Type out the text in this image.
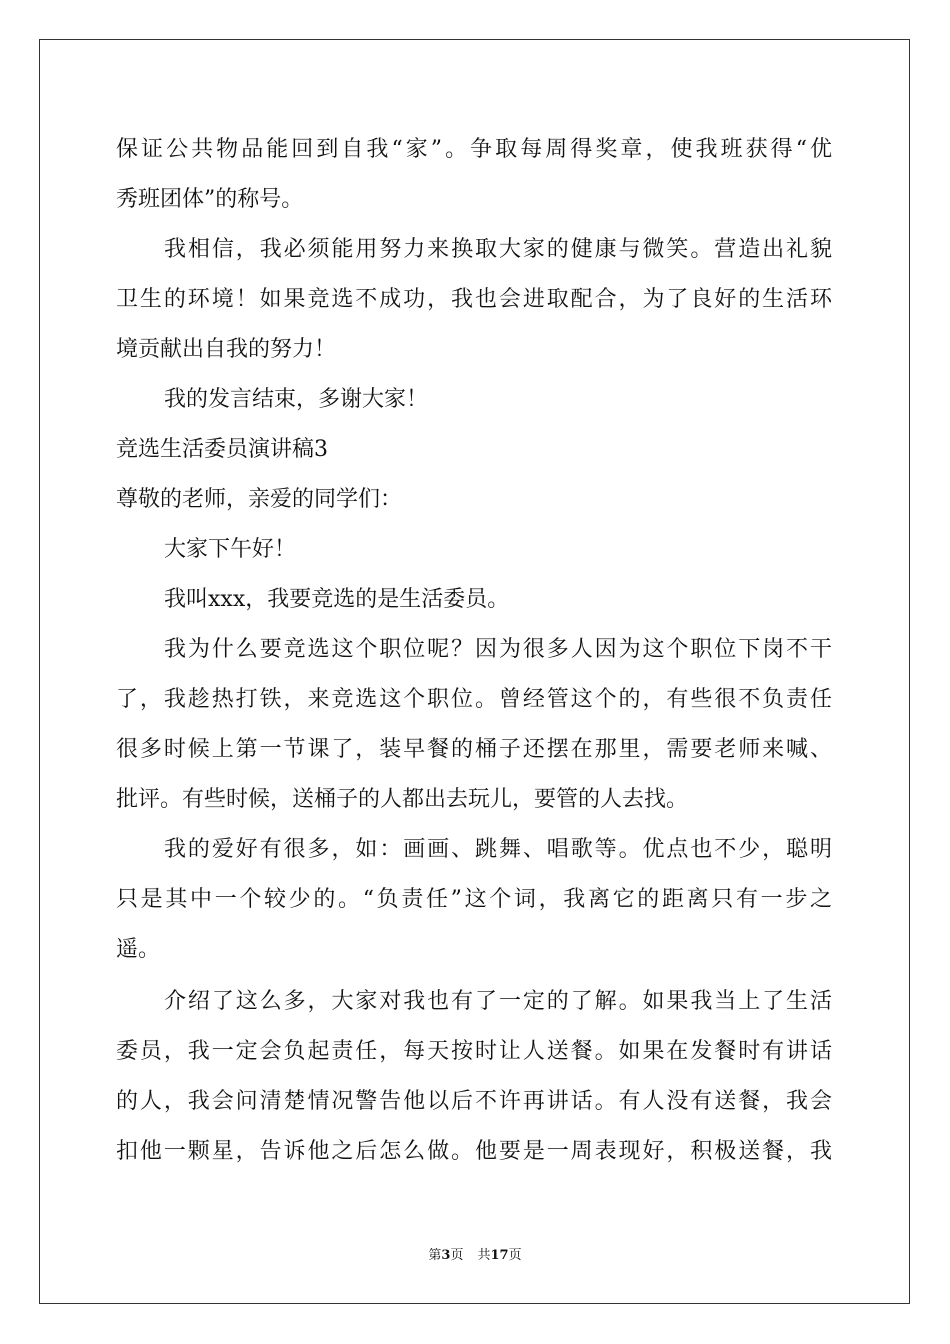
保证公共物品能回到自我“家”。争取每周得奖章，使我班获得“优
秀班团体”的称号。
我相信，我必须能用努力来换取大家的健康与微笑。营造出礼貌
卫生的环境！如果竞选不成功，我也会进取配合，为了良好的生活环
境贡献出自我的努力！
我的发言结束，多谢大家！
竞选生活委员演讲稿3
尊敬的老师，亲爱的同学们：
大家下午好！
我叫xxx，我要竞选的是生活委员。
我为什么要竞选这个职位呢？因为很多人因为这个职位下岗不干
了，我趁热打铁，来竞选这个职位。曾经管这个的，有些很不负责任
很多时候上第一节课了，装早餐的桶子还摆在那里，需要老师来喊、
批评。有些时候，送桶子的人都出去玩儿，要管的人去找。
我的爱好有很多，如：画画、跳舞、唱歌等。优点也不少，聪明
只是其中一个较少的。“负责任”这个词，我离它的距离只有一步之
遥。
介绍了这么多，大家对我也有了一定的了解。如果我当上了生活
委员，我一定会负起责任，每天按时让人送餐。如果在发餐时有讲话
的人，我会问清楚情况警告他以后不许再讲话。有人没有送餐，我会
扣他一颗星，告诉他之后怎么做。他要是一周表现好，积极送餐，我
第3页 共17页
